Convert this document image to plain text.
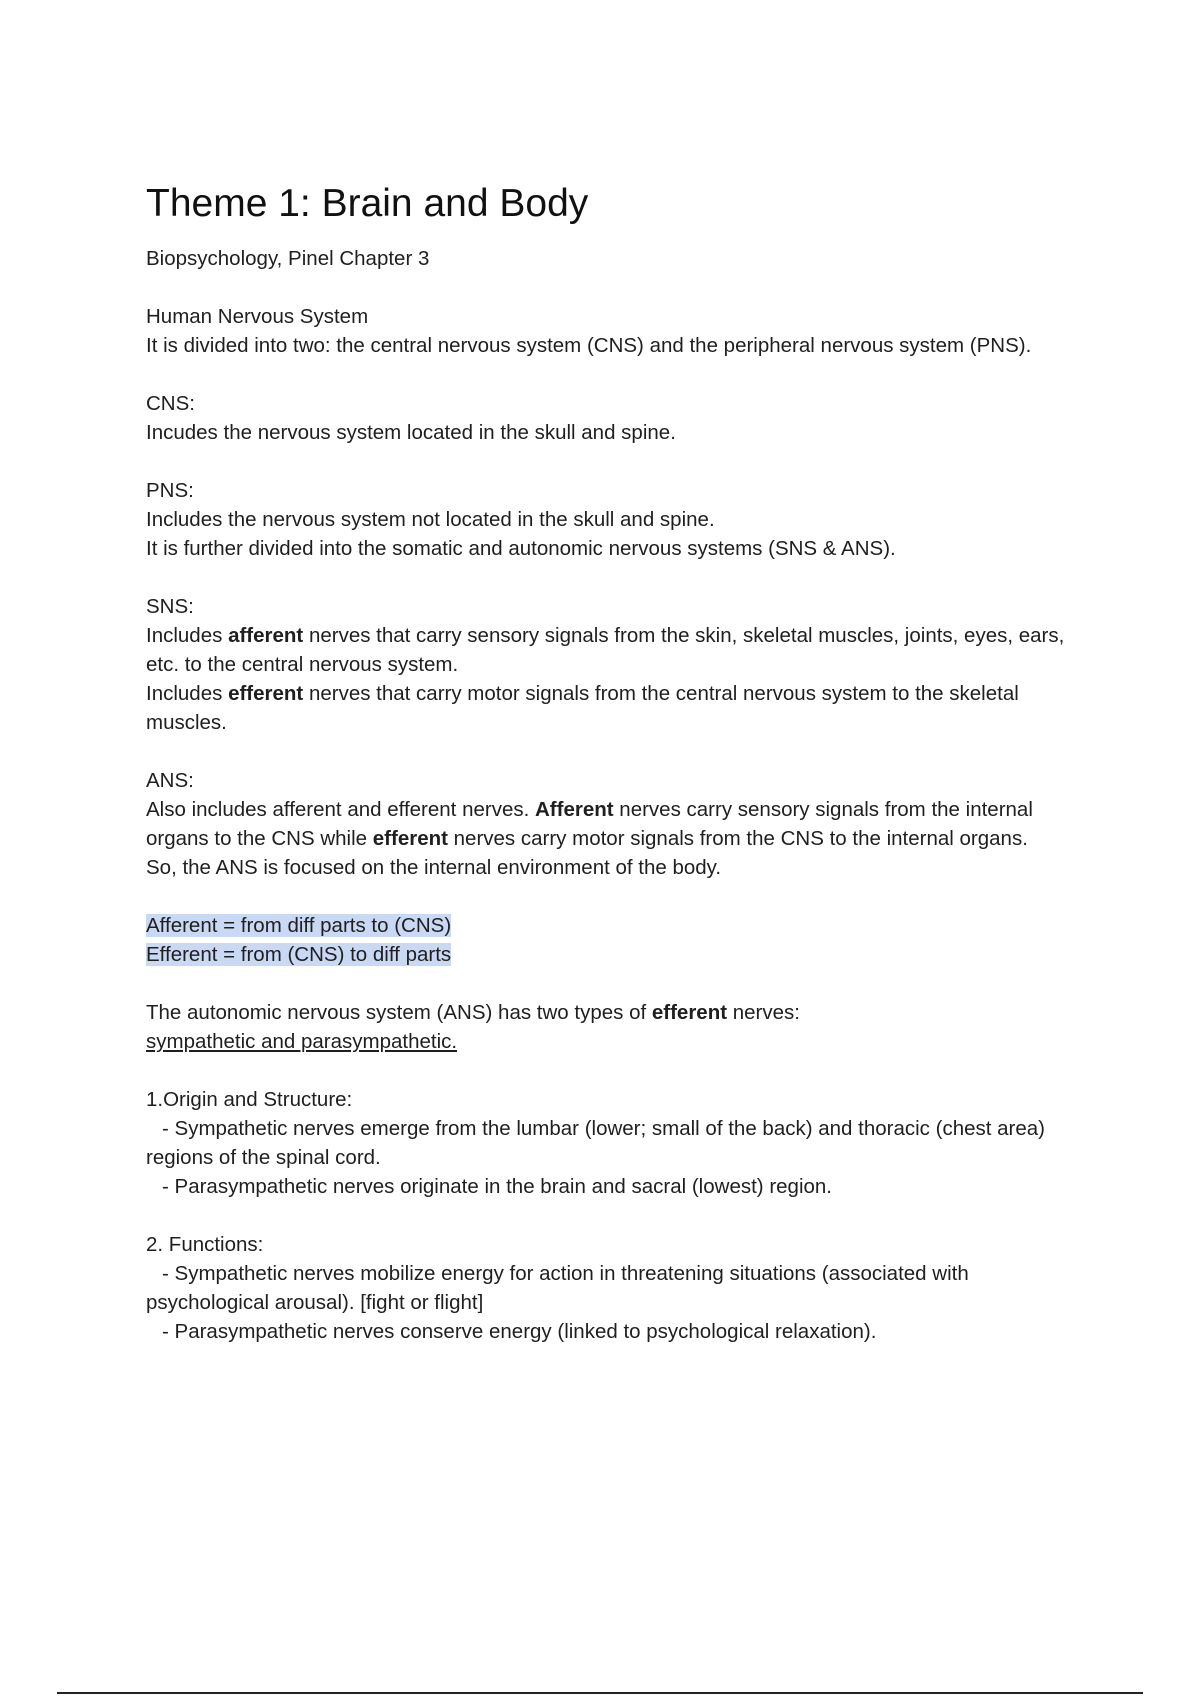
Theme 1: Brain and Body

Biopsychology, Pinel Chapter 3

Human Nervous System
It is divided into two: the central nervous system (CNS) and the peripheral nervous system (PNS).
CNS:
Incudes the nervous system located in the skull and spine.
PNS:
Includes the nervous system not located in the skull and spine.
It is further divided into the somatic and autonomic nervous systems (SNS & ANS).
SNS:
Includes afferent nerves that carry sensory signals from the skin, skeletal muscles, joints, eyes, ears, etc. to the central nervous system.
Includes efferent nerves that carry motor signals from the central nervous system to the skeletal muscles.
ANS:
Also includes afferent and efferent nerves. Afferent nerves carry sensory signals from the internal organs to the CNS while efferent nerves carry motor signals from the CNS to the internal organs.
So, the ANS is focused on the internal environment of the body.
Afferent = from diff parts to (CNS)
Efferent = from (CNS) to diff parts
The autonomic nervous system (ANS) has two types of efferent nerves:
sympathetic and parasympathetic.
1.Origin and Structure:
- Sympathetic nerves emerge from the lumbar (lower; small of the back) and thoracic (chest area) regions of the spinal cord.
- Parasympathetic nerves originate in the brain and sacral (lowest) region.
2. Functions:
- Sympathetic nerves mobilize energy for action in threatening situations (associated with psychological arousal). [fight or flight]
- Parasympathetic nerves conserve energy (linked to psychological relaxation).
